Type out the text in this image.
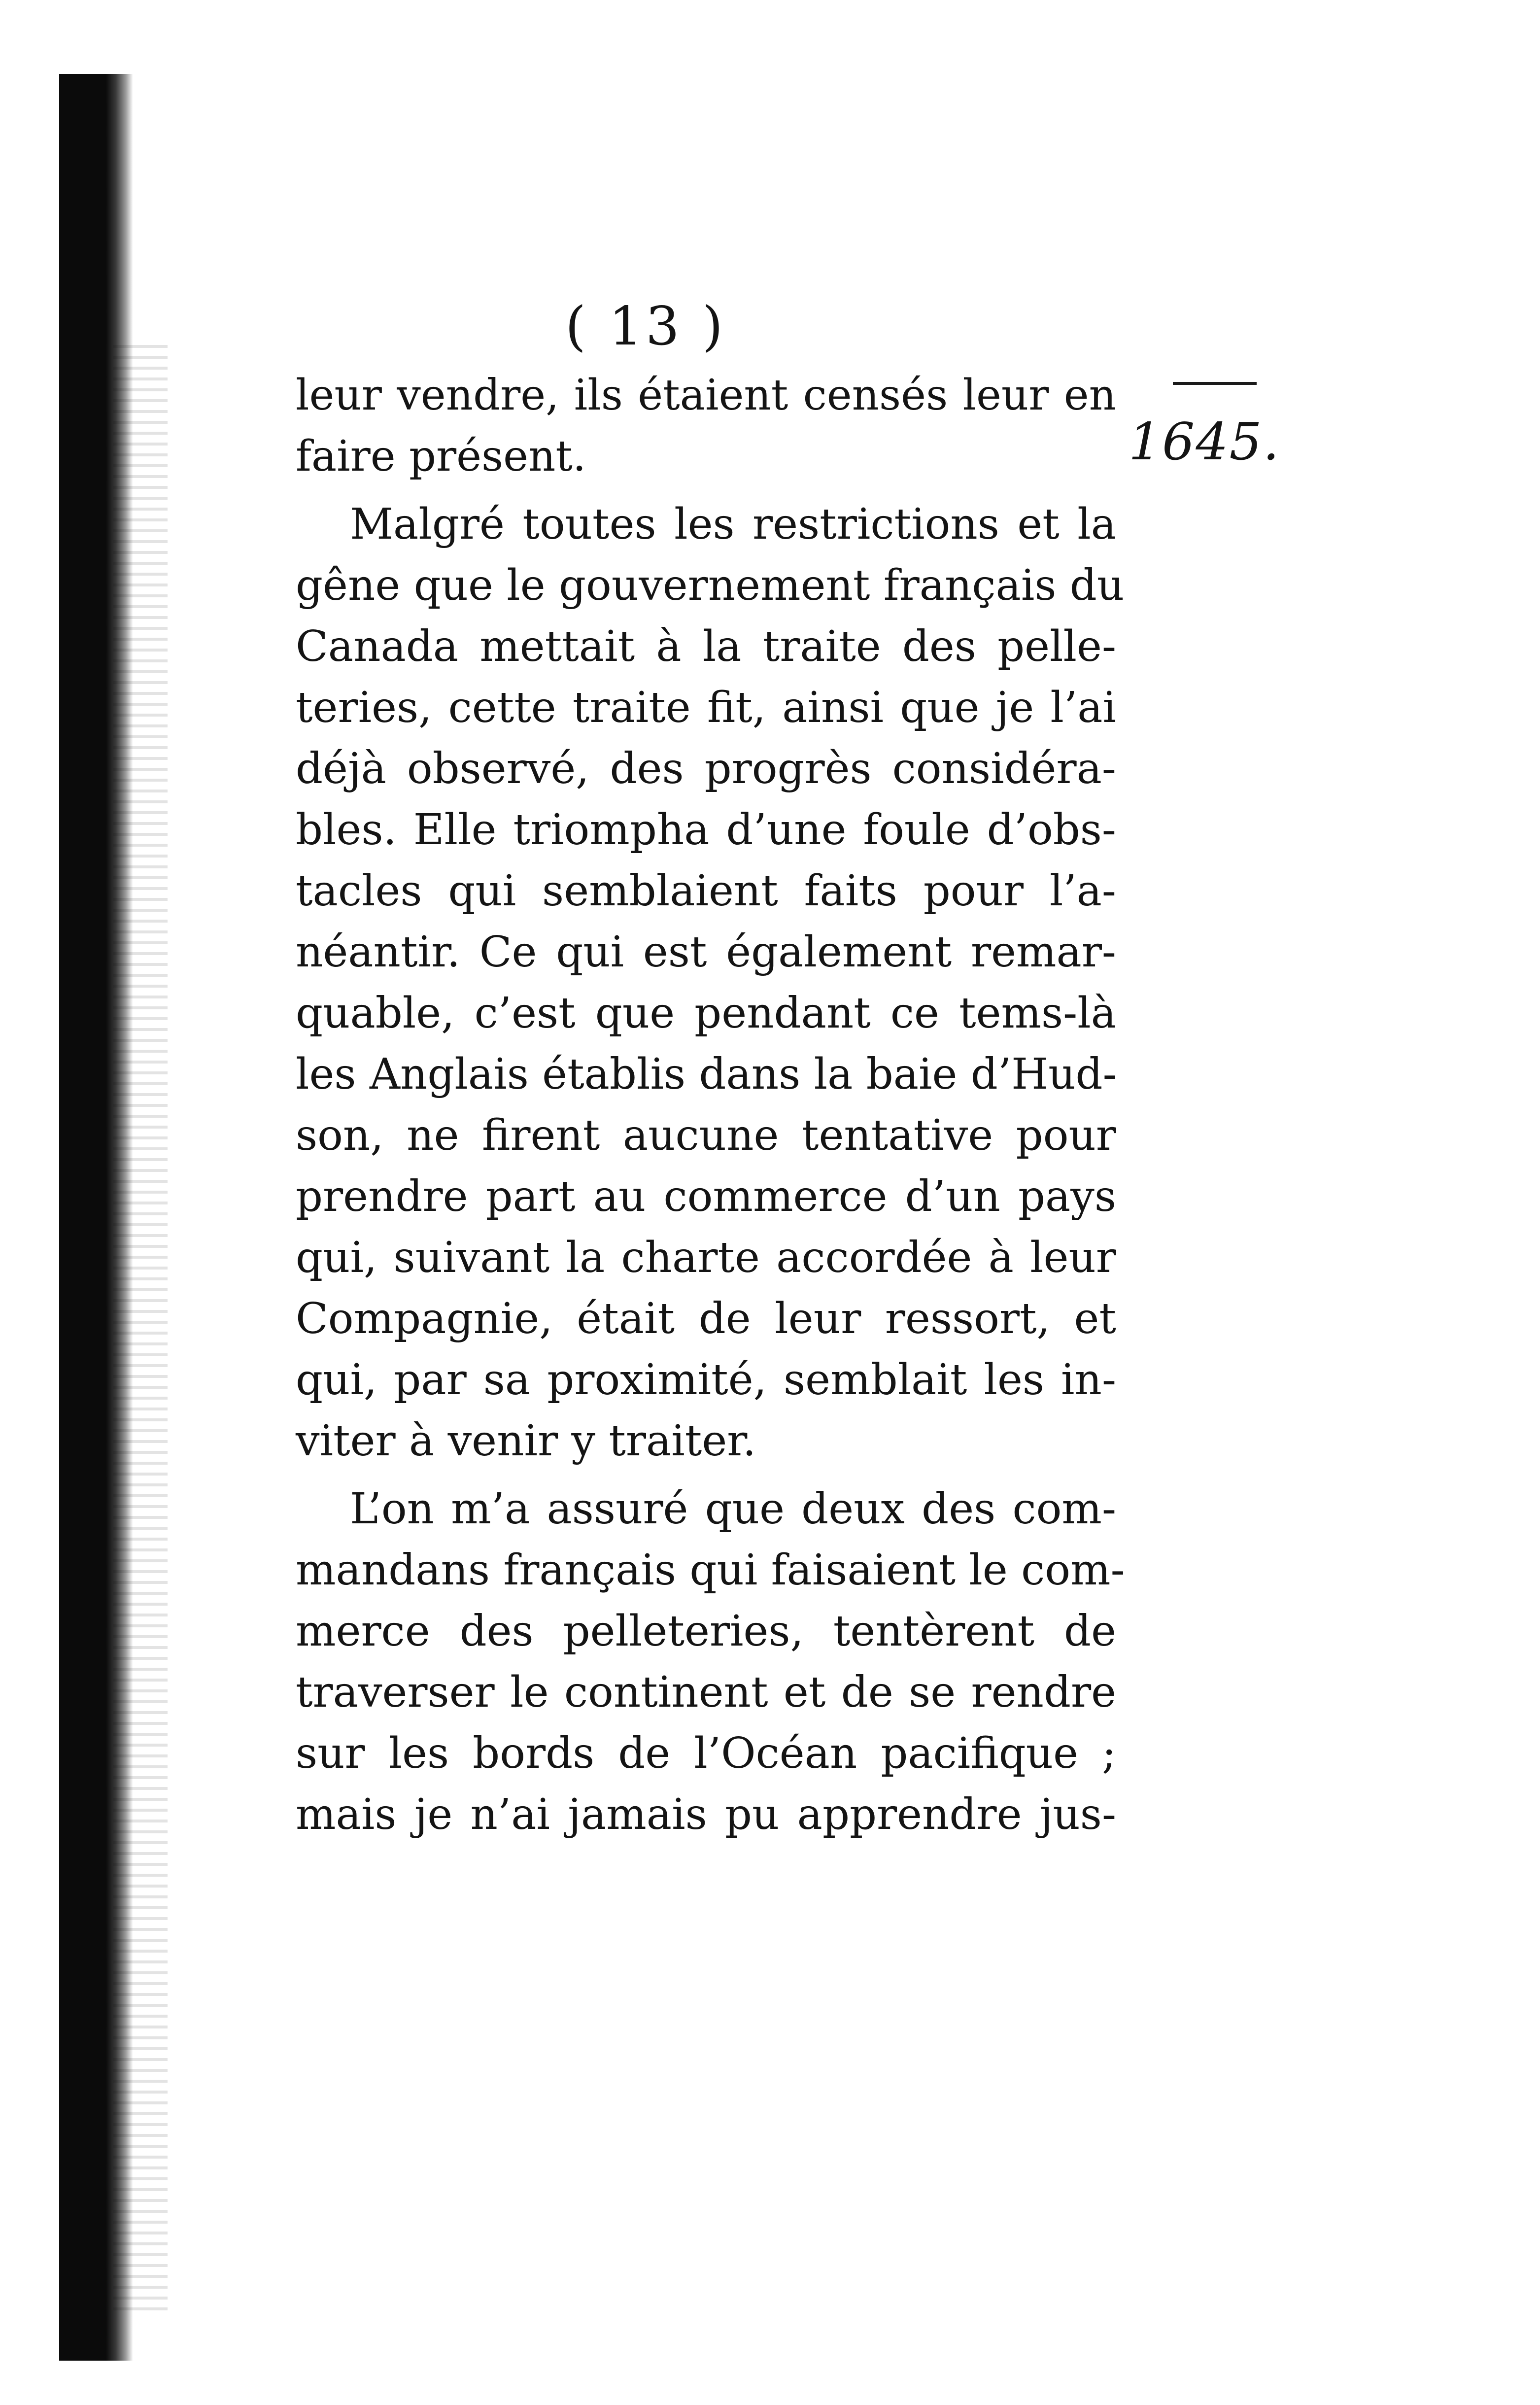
( 13 )
1645.
leur vendre, ils étaient censés leur en
faire présent.
Malgré toutes les restrictions et la
gêne que le gouvernement français du
Canada mettait à la traite des pelle-
teries, cette traite fit, ainsi que je l’ai
déjà observé, des progrès considéra-
bles. Elle triompha d’une foule d’obs-
tacles qui semblaient faits pour l’a-
néantir. Ce qui est également remar-
quable, c’est que pendant ce tems-là
les Anglais établis dans la baie d’Hud-
son, ne firent aucune tentative pour
prendre part au commerce d’un pays
qui, suivant la charte accordée à leur
Compagnie, était de leur ressort, et
qui, par sa proximité, semblait les in-
viter à venir y traiter.
L’on m’a assuré que deux des com-
mandans français qui faisaient le com-
merce des pelleteries, tentèrent de
traverser le continent et de se rendre
sur les bords de l’Océan pacifique ;
mais je n’ai jamais pu apprendre jus-
